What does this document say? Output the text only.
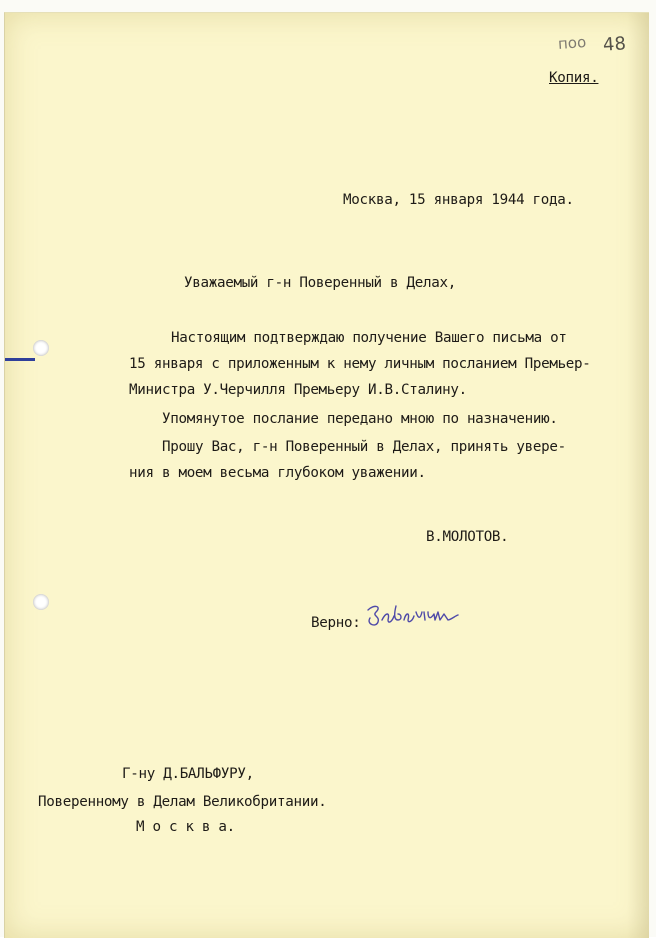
поо 48
Копия.
Москва, 15 января 1944 года.
Уважаемый г-н Поверенный в Делах,
Настоящим подтверждаю получение Вашего письма от
15 января с приложенным к нему личным посланием Премьер-
Министра У.Черчилля Премьеру И.В.Сталину.
Упомянутое послание передано мною по назначению.
Прошу Вас, г-н Поверенный в Делах, принять увере-
ния в моем весьма глубоком уважении.
В.МОЛОТОВ.
Верно:
Г-ну Д.БАЛЬФУРУ,
Поверенному в Делам Великобритании.
М о с к в а.
